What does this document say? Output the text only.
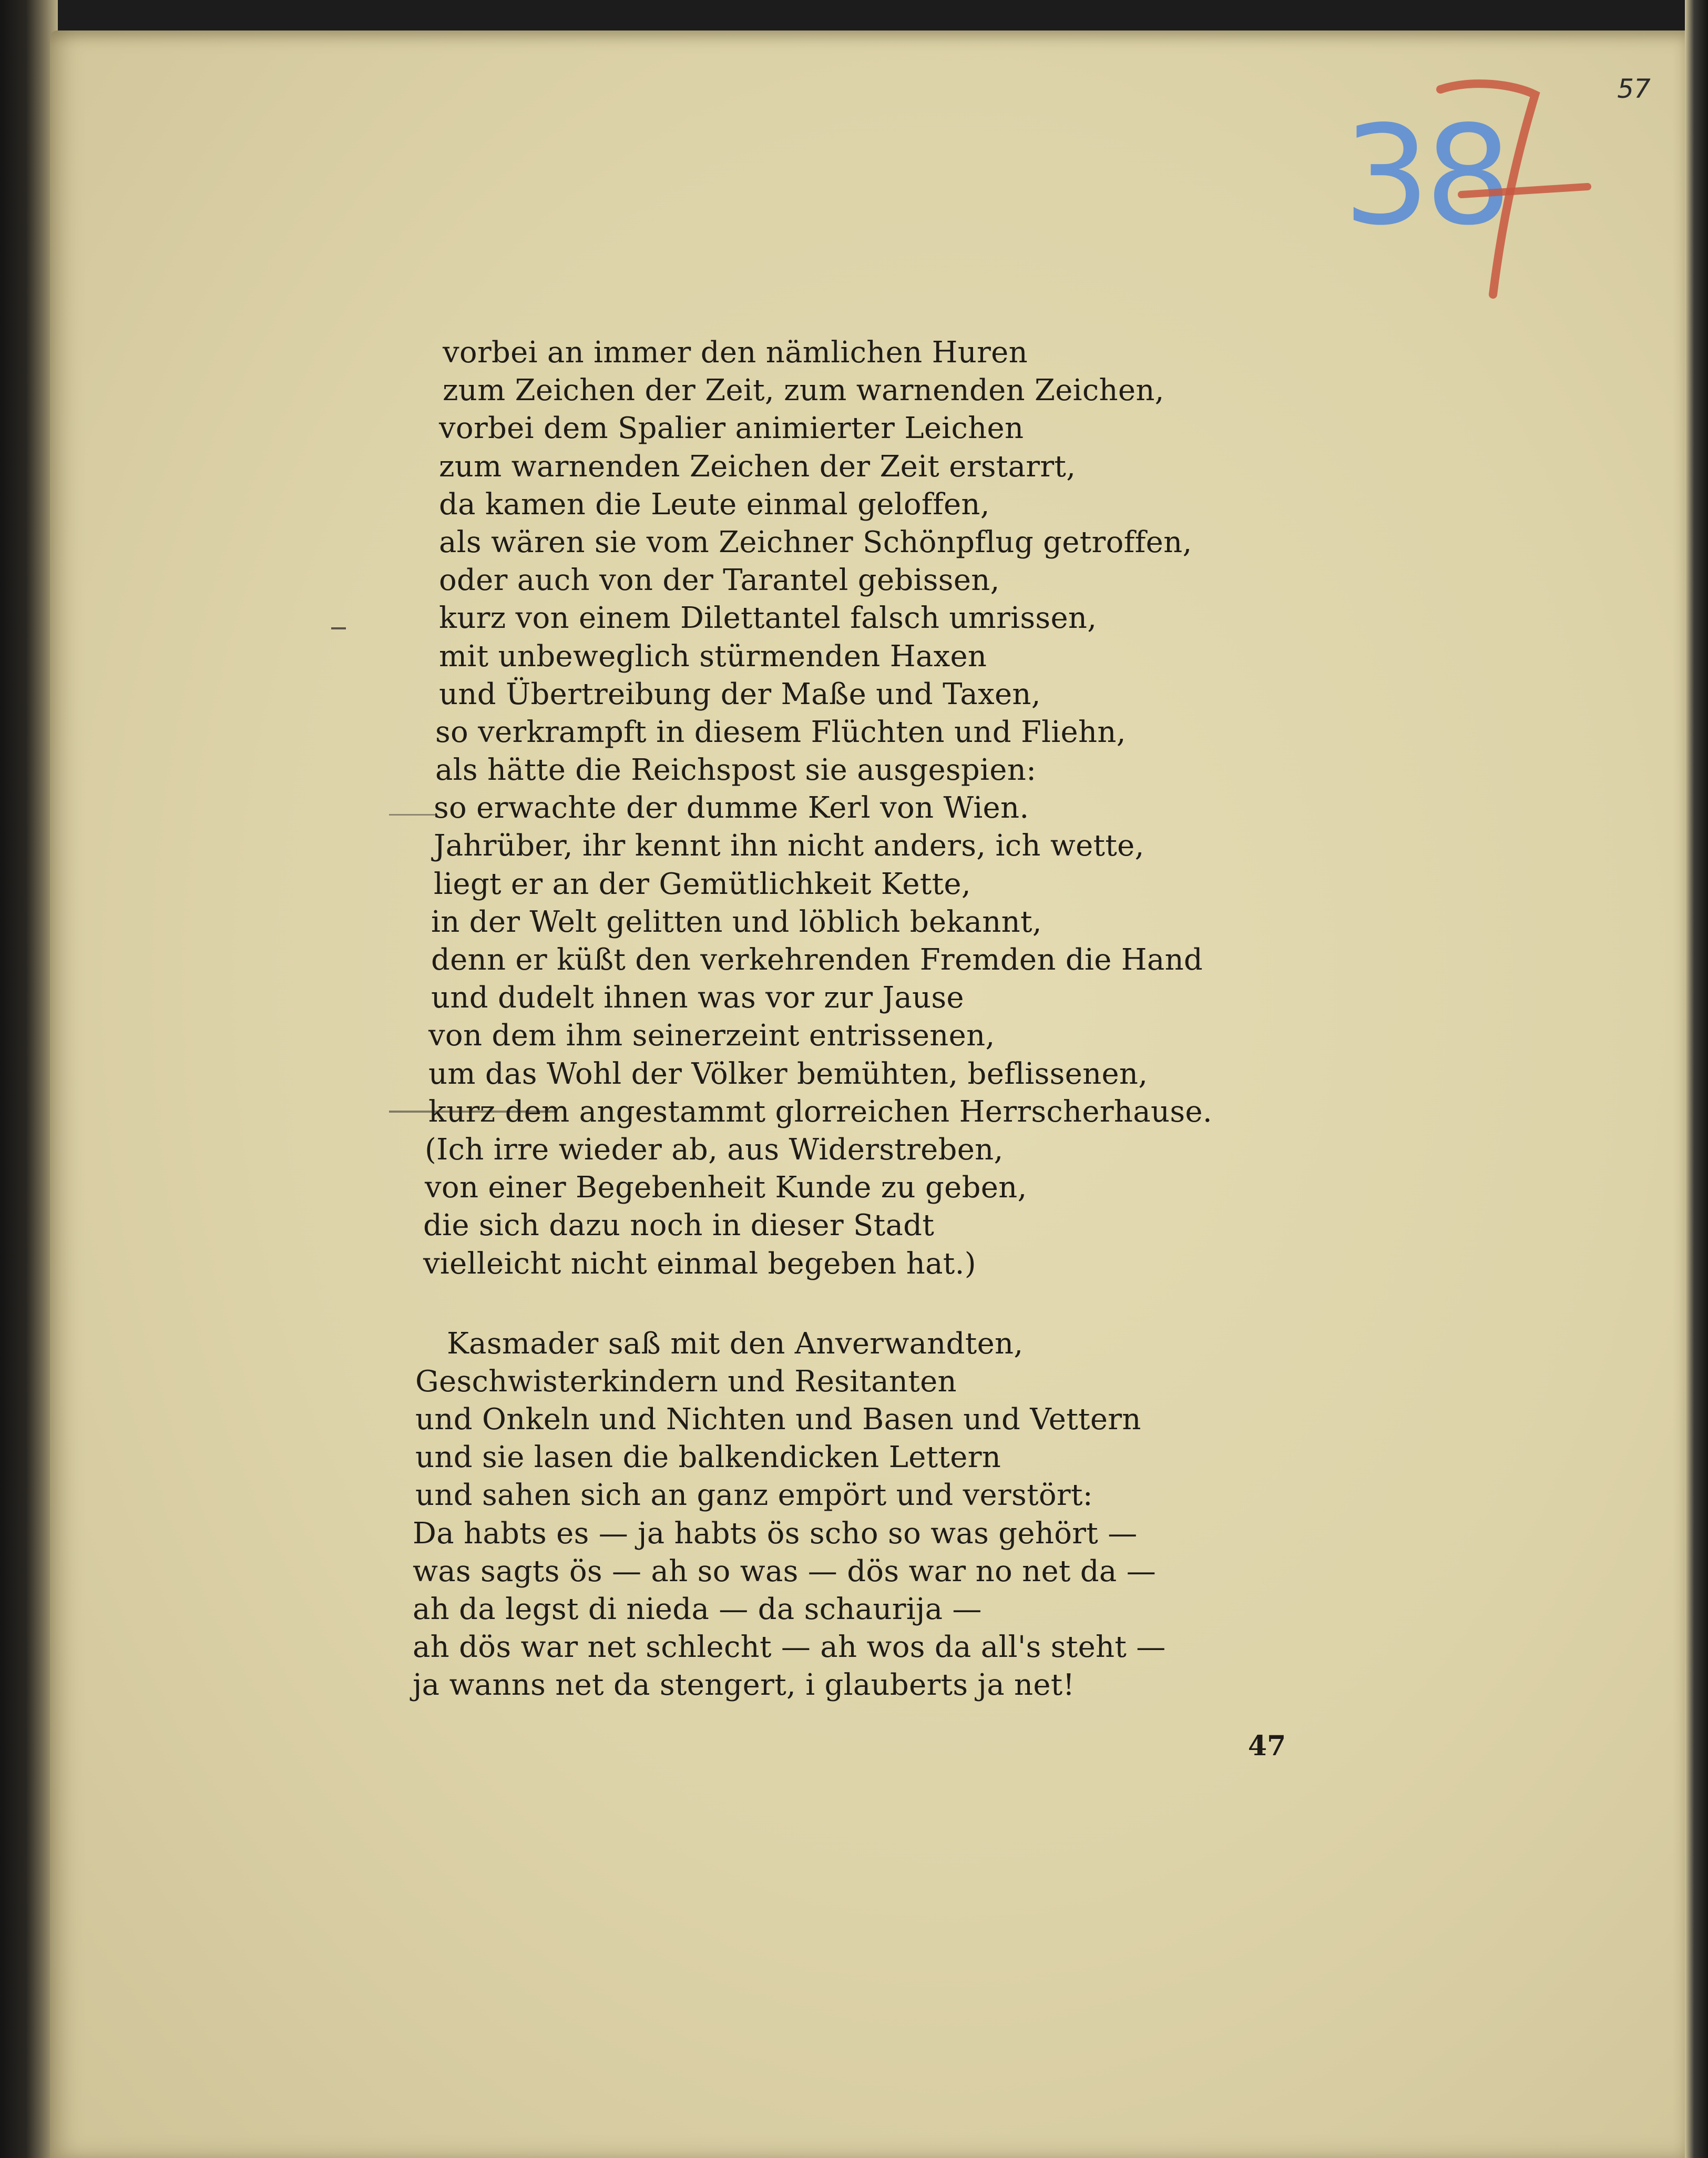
57
38
vorbei an immer den nämlichen Huren
zum Zeichen der Zeit, zum warnenden Zeichen,
vorbei dem Spalier animierter Leichen
zum warnenden Zeichen der Zeit erstarrt,
da kamen die Leute einmal geloffen,
als wären sie vom Zeichner Schönpflug getroffen,
oder auch von der Tarantel gebissen,
kurz von einem Dilettantel falsch umrissen,
mit unbeweglich stürmenden Haxen
und Übertreibung der Maße und Taxen,
so verkrampft in diesem Flüchten und Fliehn,
als hätte die Reichspost sie ausgespien:
so erwachte der dumme Kerl von Wien.
Jahrüber, ihr kennt ihn nicht anders, ich wette,
liegt er an der Gemütlichkeit Kette,
in der Welt gelitten und löblich bekannt,
denn er küßt den verkehrenden Fremden die Hand
und dudelt ihnen was vor zur Jause
von dem ihm seinerzeint entrissenen,
um das Wohl der Völker bemühten, beflissenen,
kurz dem angestammt glorreichen Herrscherhause.
(Ich irre wieder ab, aus Widerstreben,
von einer Begebenheit Kunde zu geben,
die sich dazu noch in dieser Stadt
vielleicht nicht einmal begeben hat.)
Kasmader saß mit den Anverwandten,
Geschwisterkindern und Resitanten
und Onkeln und Nichten und Basen und Vettern
und sie lasen die balkendicken Lettern
und sahen sich an ganz empört und verstört:
Da habts es — ja habts ös scho so was gehört —
was sagts ös — ah so was — dös war no net da —
ah da legst di nieda — da schaurija —
ah dös war net schlecht — ah wos da all's steht —
ja wanns net da stengert, i glauberts ja net!
47
